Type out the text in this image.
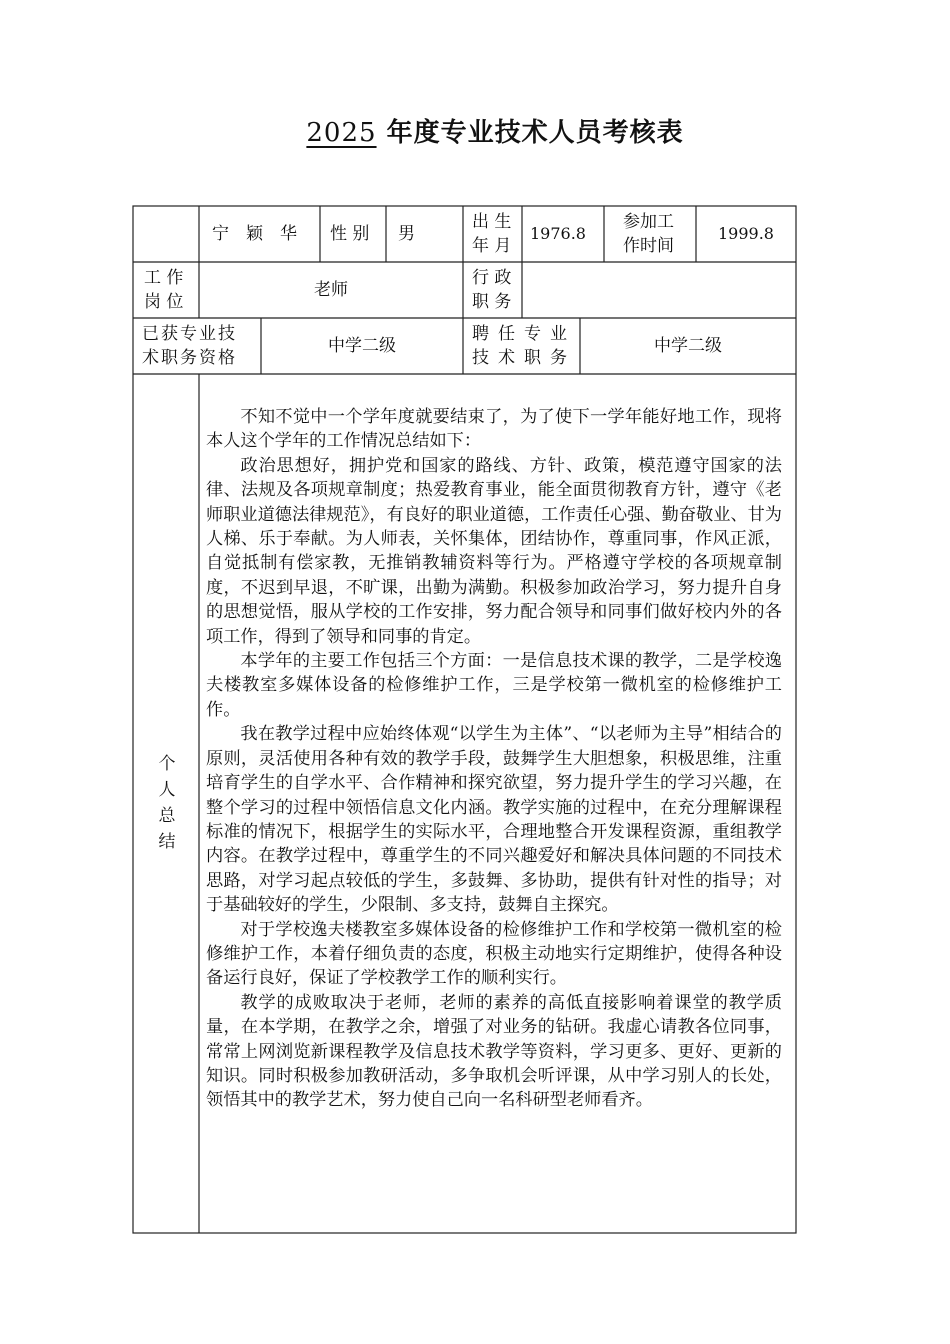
2025 年度专业技术人员考核表
宁　颖　华	性 别	男
出 生
年 月
1976.8
参加工
作时间
1999.8
工 作
岗 位
老师
行 政
职 务
已获专业技
术职务资格
中学二级
聘任专业
技术职务
中学二级
个
人
总
结

不知不觉中一个学年度就要结束了，为了使下一学年能好地工作，现将本人这个学年的工作情况总结如下：

政治思想好，拥护党和国家的路线、方针、政策，模范遵守国家的法律、法规及各项规章制度；热爱教育事业，能全面贯彻教育方针，遵守《老师职业道德法律规范》，有良好的职业道德，工作责任心强、勤奋敬业、甘为人梯、乐于奉献。为人师表，关怀集体，团结协作，尊重同事，作风正派，自觉抵制有偿家教，无推销教辅资料等行为。严格遵守学校的各项规章制度，不迟到早退，不旷课，出勤为满勤。积极参加政治学习，努力提升自身的思想觉悟，服从学校的工作安排，努力配合领导和同事们做好校内外的各项工作，得到了领导和同事的肯定。

本学年的主要工作包括三个方面：一是信息技术课的教学，二是学校逸夫楼教室多媒体设备的检修维护工作，三是学校第一微机室的检修维护工作。

我在教学过程中应始终体观“以学生为主体”、“以老师为主导”相结合的原则，灵活使用各种有效的教学手段，鼓舞学生大胆想象，积极思维，注重培育学生的自学水平、合作精神和探究欲望，努力提升学生的学习兴趣，在整个学习的过程中领悟信息文化内涵。教学实施的过程中，在充分理解课程标准的情况下，根据学生的实际水平，合理地整合开发课程资源，重组教学内容。在教学过程中，尊重学生的不同兴趣爱好和解决具体问题的不同技术思路，对学习起点较低的学生，多鼓舞、多协助，提供有针对性的指导；对于基础较好的学生，少限制、多支持，鼓舞自主探究。

对于学校逸夫楼教室多媒体设备的检修维护工作和学校第一微机室的检修维护工作，本着仔细负责的态度，积极主动地实行定期维护，使得各种设备运行良好，保证了学校教学工作的顺利实行。

教学的成败取决于老师，老师的素养的高低直接影响着课堂的教学质量，在本学期，在教学之余，增强了对业务的钻研。我虚心请教各位同事，常常上网浏览新课程教学及信息技术教学等资料，学习更多、更好、更新的知识。同时积极参加教研活动，多争取机会听评课，从中学习别人的长处，领悟其中的教学艺术，努力使自己向一名科研型老师看齐。
